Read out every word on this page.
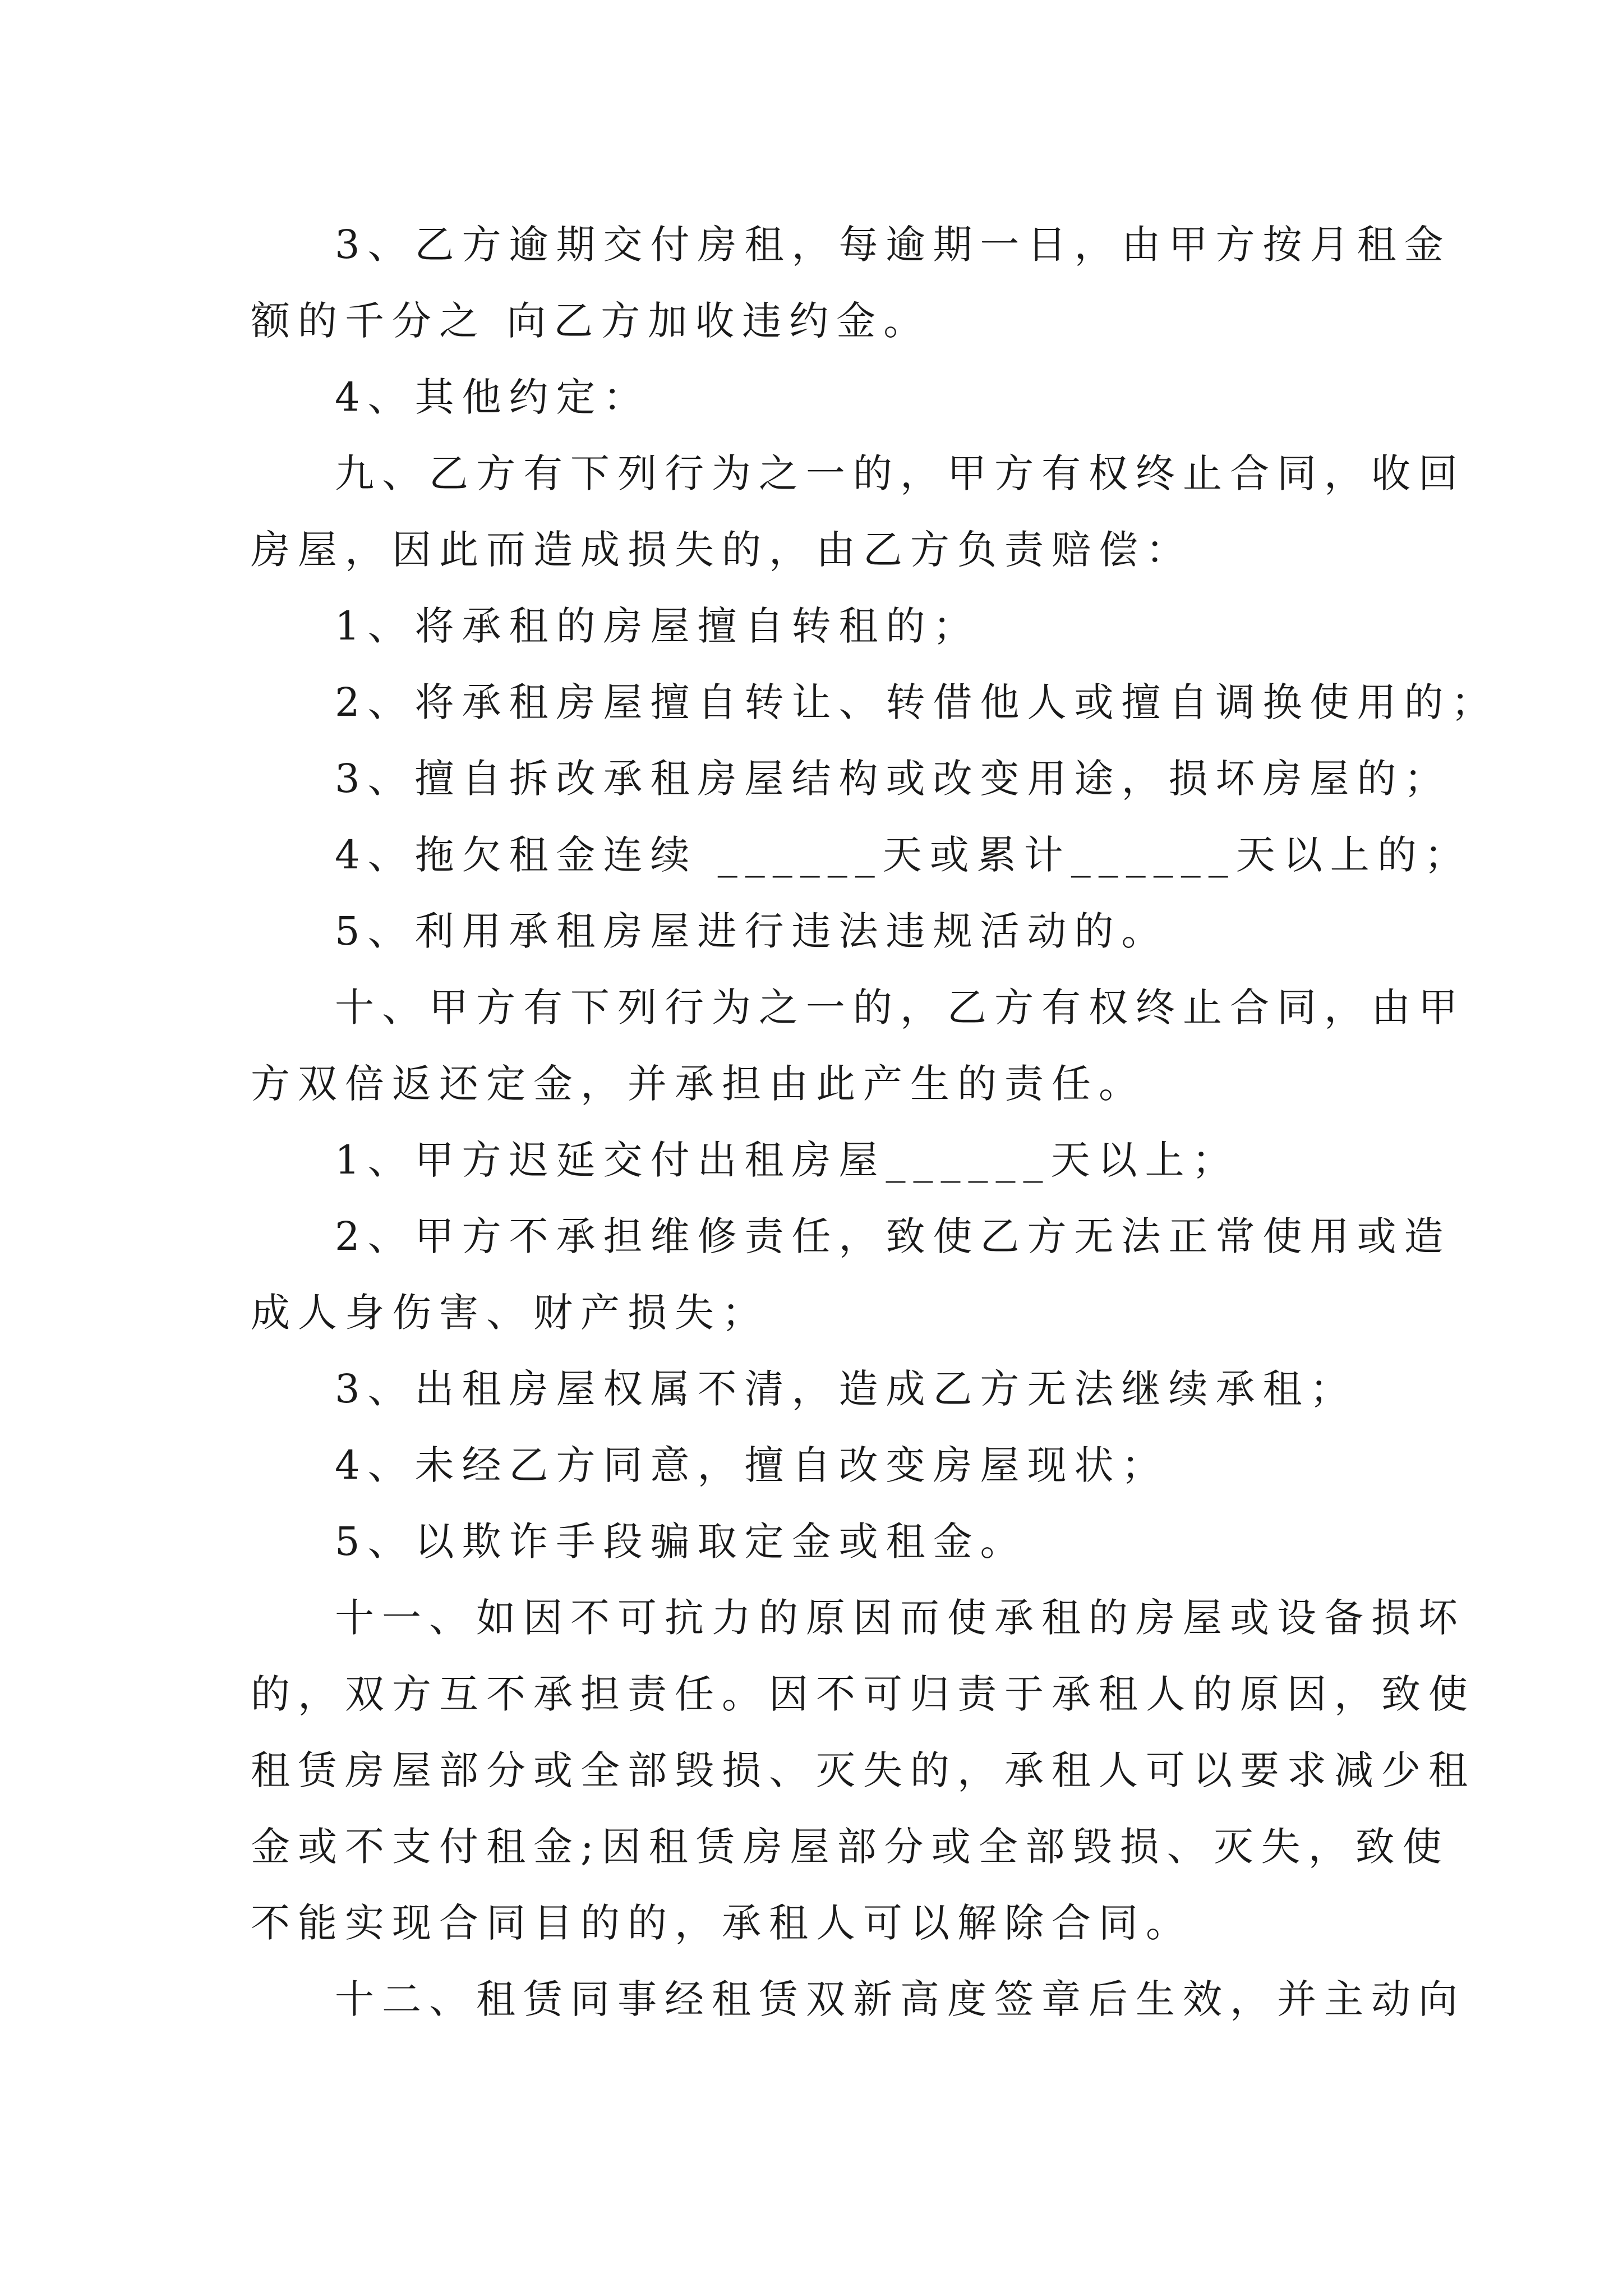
3、乙方逾期交付房租，每逾期一日，由甲方按月租金

额的千分之 向乙方加收违约金。

4、其他约定：

九、乙方有下列行为之一的，甲方有权终止合同，收回

房屋，因此而造成损失的，由乙方负责赔偿：

1、将承租的房屋擅自转租的；

2、将承租房屋擅自转让、转借他人或擅自调换使用的；

3、擅自拆改承租房屋结构或改变用途，损坏房屋的；

4、拖欠租金连续 ______天或累计______天以上的；

5、利用承租房屋进行违法违规活动的。

十、甲方有下列行为之一的，乙方有权终止合同，由甲

方双倍返还定金，并承担由此产生的责任。

1、甲方迟延交付出租房屋______天以上；

2、甲方不承担维修责任，致使乙方无法正常使用或造

成人身伤害、财产损失；

3、出租房屋权属不清，造成乙方无法继续承租；

4、未经乙方同意，擅自改变房屋现状；

5、以欺诈手段骗取定金或租金。

十一、如因不可抗力的原因而使承租的房屋或设备损坏

的，双方互不承担责任。因不可归责于承租人的原因，致使

租赁房屋部分或全部毁损、灭失的，承租人可以要求减少租

金或不支付租金;因租赁房屋部分或全部毁损、灭失，致使

不能实现合同目的的，承租人可以解除合同。

十二、租赁同事经租赁双新高度签章后生效，并主动向
